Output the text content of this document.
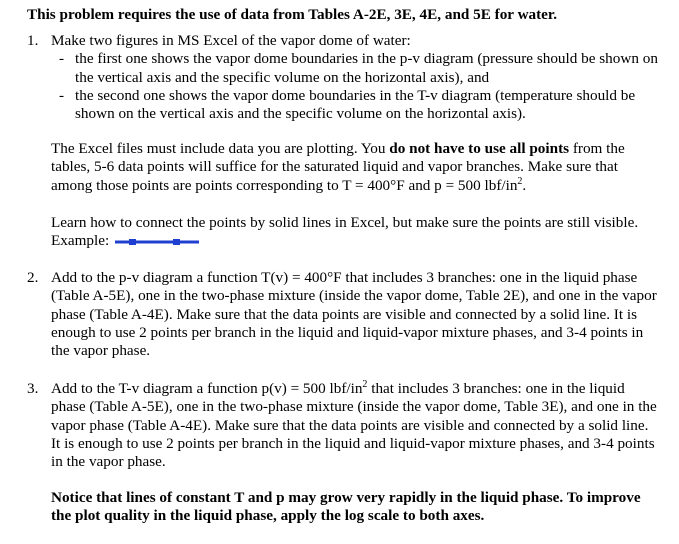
This problem requires the use of data from Tables A-2E, 3E, 4E, and 5E for water.
1. Make two figures in MS Excel of the vapor dome of water:
- the first one shows the vapor dome boundaries in the p-v diagram (pressure should be shown on the vertical axis and the specific volume on the horizontal axis), and
- the second one shows the vapor dome boundaries in the T-v diagram (temperature should be shown on the vertical axis and the specific volume on the horizontal axis).
The Excel files must include data you are plotting. You do not have to use all points from the tables, 5-6 data points will suffice for the saturated liquid and vapor branches. Make sure that among those points are points corresponding to T = 400°F and p = 500 lbf/$in^2$.
Learn how to connect the points by solid lines in Excel, but make sure the points are still visible. Example:
2. Add to the p-v diagram a function T(v) = 400°F that includes 3 branches: one in the liquid phase (Table A-5E), one in the two-phase mixture (inside the vapor dome, Table 2E), and one in the vapor phase (Table A-4E). Make sure that the data points are visible and connected by a solid line. It is enough to use 2 points per branch in the liquid and liquid-vapor mixture phases, and 3-4 points in the vapor phase.
3. Add to the T-v diagram a function p(v) = 500 lbf/$in^2$ that includes 3 branches: one in the liquid phase (Table A-5E), one in the two-phase mixture (inside the vapor dome, Table 3E), and one in the vapor phase (Table A-4E). Make sure that the data points are visible and connected by a solid line. It is enough to use 2 points per branch in the liquid and liquid-vapor mixture phases, and 3-4 points in the vapor phase.
Notice that lines of constant T and p may grow very rapidly in the liquid phase. To improve the plot quality in the liquid phase, apply the log scale to both axes.
